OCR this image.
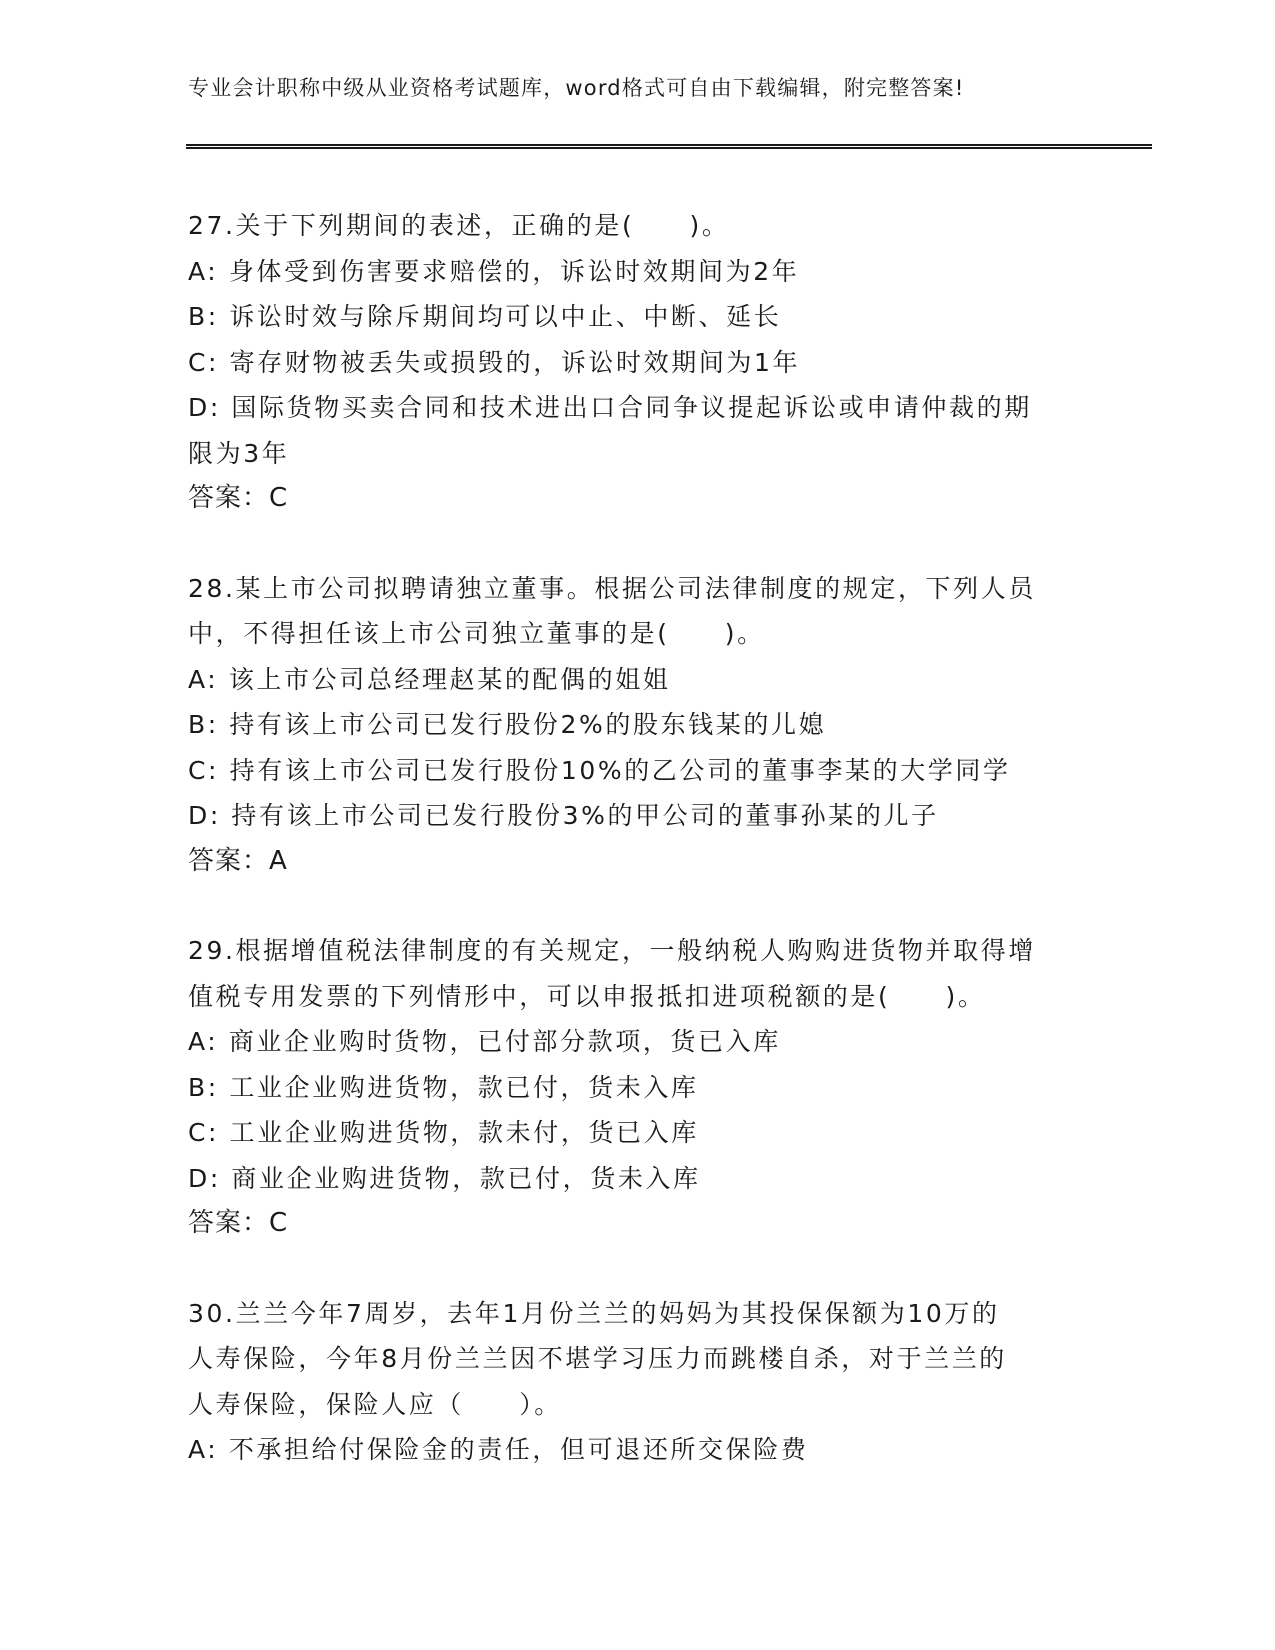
专业会计职称中级从业资格考试题库，word格式可自由下载编辑，附完整答案!
27.关于下列期间的表述，正确的是(　　)。
A: 身体受到伤害要求赔偿的，诉讼时效期间为2年
B: 诉讼时效与除斥期间均可以中止、中断、延长
C: 寄存财物被丢失或损毁的，诉讼时效期间为1年
D: 国际货物买卖合同和技术进出口合同争议提起诉讼或申请仲裁的期
限为3年
答案：C
28.某上市公司拟聘请独立董事。根据公司法律制度的规定，下列人员
中，不得担任该上市公司独立董事的是(　　)。
A: 该上市公司总经理赵某的配偶的姐姐
B: 持有该上市公司已发行股份2%的股东钱某的儿媳
C: 持有该上市公司已发行股份10%的乙公司的董事李某的大学同学
D: 持有该上市公司已发行股份3%的甲公司的董事孙某的儿子
答案：A
29.根据增值税法律制度的有关规定，一般纳税人购购进货物并取得增
值税专用发票的下列情形中，可以申报抵扣进项税额的是(　　)。
A: 商业企业购时货物，已付部分款项，货已入库
B: 工业企业购进货物，款已付，货未入库
C: 工业企业购进货物，款未付，货已入库
D: 商业企业购进货物，款已付，货未入库
答案：C
30.兰兰今年7周岁，去年1月份兰兰的妈妈为其投保保额为10万的
人寿保险，今年8月份兰兰因不堪学习压力而跳楼自杀，对于兰兰的
人寿保险，保险人应（　　）。
A: 不承担给付保险金的责任，但可退还所交保险费
